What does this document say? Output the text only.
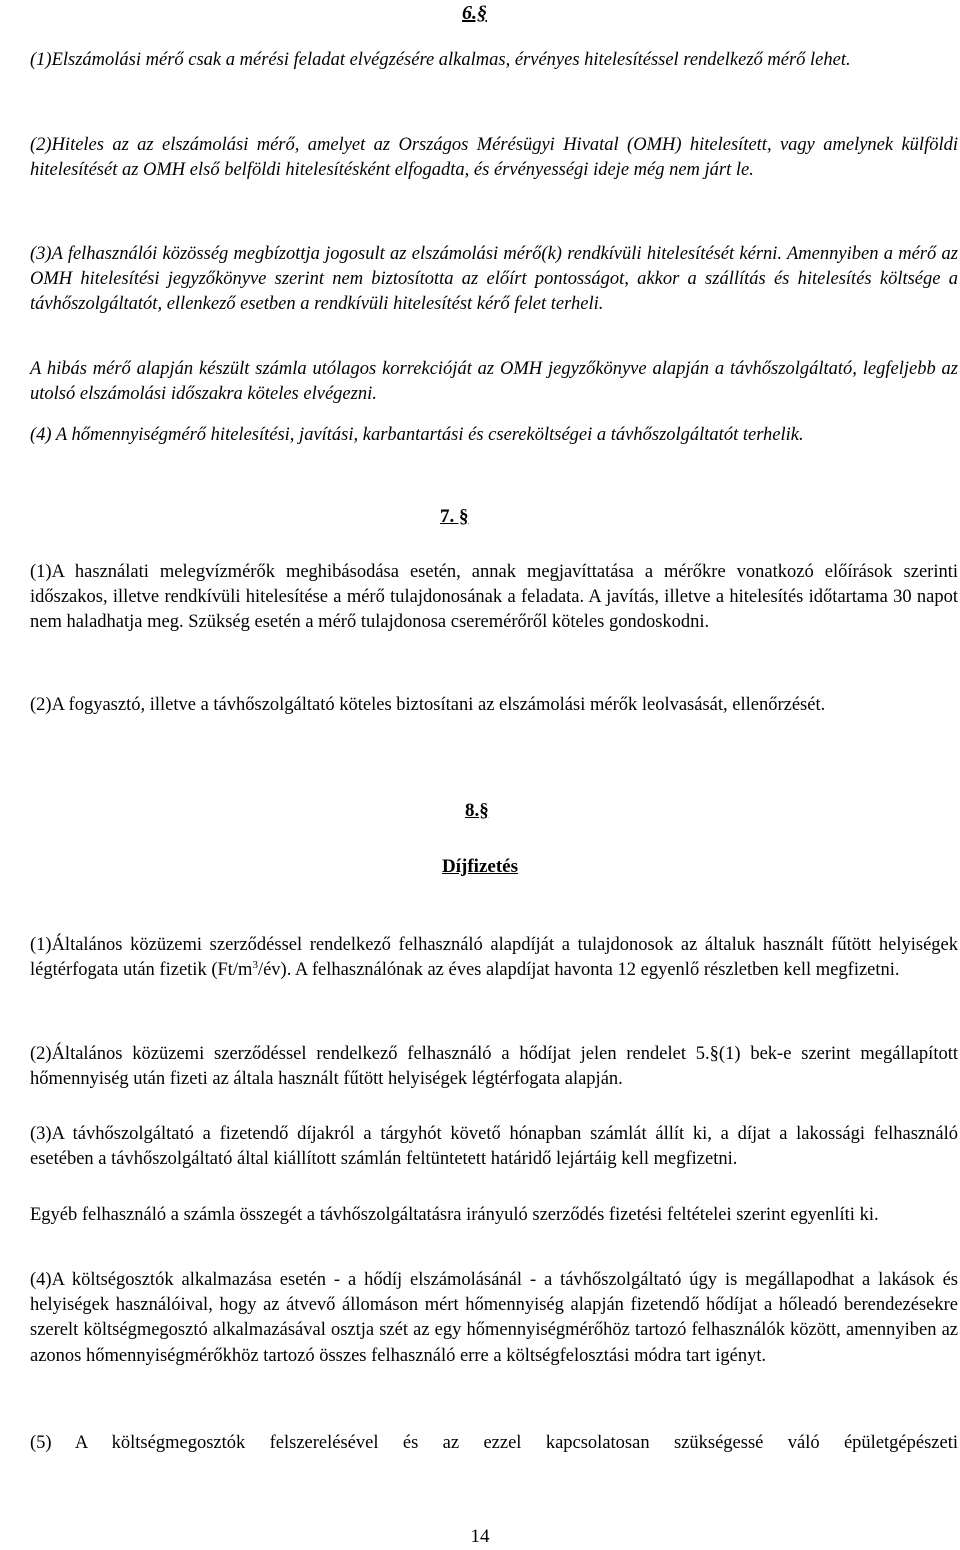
6.§

(1)Elszámolási mérő csak a mérési feladat elvégzésére alkalmas, érvényes hitelesítéssel rendelkező mérő lehet.

(2)Hiteles az az elszámolási mérő, amelyet az Országos Mérésügyi Hivatal (OMH) hitelesített, vagy amelynek külföldi hitelesítését az OMH első belföldi hitelesítésként elfogadta, és érvényességi ideje még nem járt le.

(3)A felhasználói közösség megbízottja jogosult az elszámolási mérő(k) rendkívüli hitelesítését kérni. Amennyiben a mérő az OMH hitelesítési jegyzőkönyve szerint nem biztosította az előírt pontosságot, akkor a szállítás és hitelesítés költsége a távhőszolgáltatót, ellenkező esetben a rendkívüli hitelesítést kérő felet terheli.

A hibás mérő alapján készült számla utólagos korrekcióját az OMH jegyzőkönyve alapján a távhőszolgáltató, legfeljebb az utolsó elszámolási időszakra köteles elvégezni.

(4) A hőmennyiségmérő hitelesítési, javítási, karbantartási és csereköltségei a távhőszolgáltatót terhelik.

7. §

(1)A használati melegvízmérők meghibásodása esetén, annak megjavíttatása a mérőkre vonatkozó előírások szerinti időszakos, illetve rendkívüli hitelesítése a mérő tulajdonosának a feladata. A javítás, illetve a hitelesítés időtartama 30 napot nem haladhatja meg. Szükség esetén a mérő tulajdonosa cseremérőről köteles gondoskodni.

(2)A fogyasztó, illetve a távhőszolgáltató köteles biztosítani az elszámolási mérők leolvasását, ellenőrzését.

8.§

Díjfizetés

(1)Általános közüzemi szerződéssel rendelkező felhasználó alapdíját a tulajdonosok az általuk használt fűtött helyiségek légtérfogata után fizetik $(Ft/m^3/év)$. A felhasználónak az éves alapdíjat havonta 12 egyenlő részletben kell megfizetni.

(2)Általános közüzemi szerződéssel rendelkező felhasználó a hődíjat jelen rendelet 5.§(1) bek-e szerint megállapított hőmennyiség után fizeti az általa használt fűtött helyiségek légtérfogata alapján.

(3)A távhőszolgáltató a fizetendő díjakról a tárgyhót követő hónapban számlát állít ki, a díjat a lakossági felhasználó esetében a távhőszolgáltató által kiállított számlán feltüntetett határidő lejártáig kell megfizetni.

Egyéb felhasználó a számla összegét a távhőszolgáltatásra irányuló szerződés fizetési feltételei szerint egyenlíti ki.

(4)A költségosztók alkalmazása esetén - a hődíj elszámolásánál - a távhőszolgáltató úgy is megállapodhat a lakások és helyiségek használóival, hogy az átvevő állomáson mért hőmennyiség alapján fizetendő hődíjat a hőleadó berendezésekre szerelt költségmegosztó alkalmazásával osztja szét az egy hőmennyiségmérőhöz tartozó felhasználók között, amennyiben az azonos hőmennyiségmérőkhöz tartozó összes felhasználó erre a költségfelosztási módra tart igényt.

(5) A költségmegosztók felszerelésével és az ezzel kapcsolatosan szükségessé váló épületgépészeti

14
